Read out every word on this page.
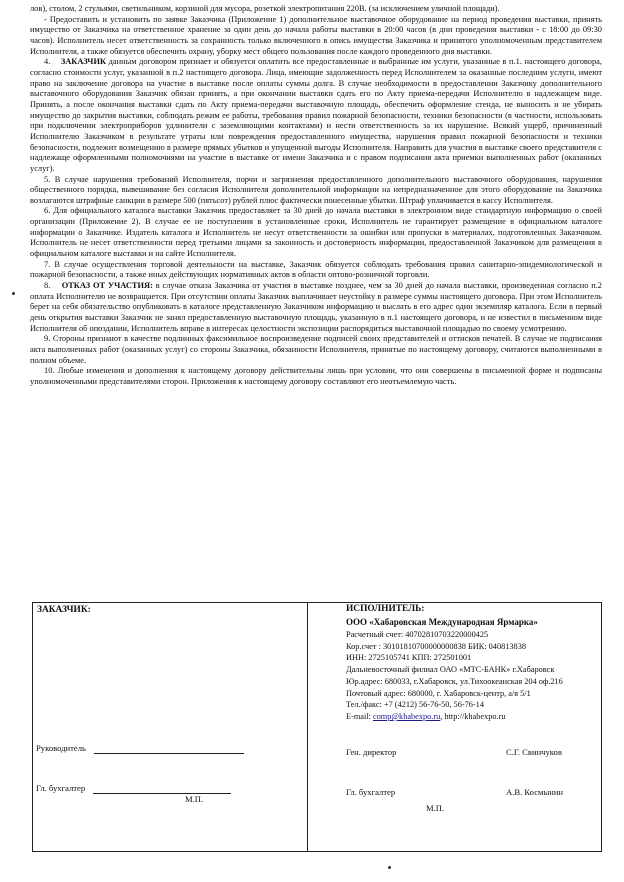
лов), столом, 2 стульями, светильником, корзиной для мусора, розеткой электропитания 220В. (за исключением уличной площади).

- Предоставить и установить по заявке Заказчика (Приложение 1) дополнительное выставочное оборудование на период проведения выставки, принять имущество от Заказчика на ответственное хранение за один день до начала работы выставки в 20:00 часов (в дни проведения выставки - с 18:00 до 09:30 часов). Исполнитель несет ответственность за сохранность только включенного в опись имущества Заказчика и принятого уполномоченным представителем Исполнителя, а также обязуется обеспечить охрану, уборку мест общего пользования после каждого проведенного дня выставки.

4. ЗАКАЗЧИК данным договором признает и обязуется оплатить все предоставленные и выбранные им услуги, указанные в п.1. настоящего договора, согласно стоимости услуг, указанной в п.2 настоящего договора. Лица, имеющие задолженность перед Исполнителем за оказанные последним услуги, имеют право на заключение договора на участие в выставке после оплаты суммы долга. В случае необходимости в предоставлении Заказчику дополнительного выставочного оборудования Заказчик обязан принять, а при окончании выставки сдать его по Акту приема-передачи Исполнителю в надлежащем виде. Принять, а после окончания выставки сдать по Акту приема-передачи выставочную площадь, обеспечить оформление стенда, не выносить и не убирать имущество до закрытия выставки, соблюдать режим ее работы, требования правил пожарной безопасности, техники безопасности (в частности, использовать при подключении электроприборов удлинители с заземляющими контактами) и нести ответственность за их нарушение. Всякий ущерб, причиненный Исполнителю Заказчиком в результате утраты или повреждения предоставленного имущества, нарушения правил пожарной безопасности и техники безопасности, подлежит возмещению в размере прямых убытков и упущенной выгоды Исполнителя. Направить для участия в выставке своего представителя с надлежаще оформленными полномочиями на участие в выставке от имени Заказчика и с правом подписания акта приемки выполненных работ (оказанных услуг).

5. В случае нарушения требований Исполнителя, порчи и загрязнения предоставленного дополнительного выставочного оборудования, нарушения общественного порядка, вывешивание без согласия Исполнителя дополнительной информации на непредназначенное для этого оборудование на Заказчика возлагаются штрафные санкции в размере 500 (пятьсот) рублей плюс фактически понесенные убытки. Штраф уплачивается в кассу Исполнителя.

6. Для официального каталога выставки Заказчик предоставляет за 30 дней до начала выставки в электронном виде стандартную информацию о своей организации (Приложение 2). В случае ее не поступления в установленные сроки, Исполнитель не гарантирует размещение в официальном каталоге информации о Заказчике. Издатель каталога и Исполнитель не несут ответственности за ошибки или пропуски в материалах, подготовленных Заказчиком. Исполнитель не несет ответственности перед третьими лицами за законность и достоверность информации, предоставленной Заказчиком для размещения в официальном каталоге выставки и на сайте Исполнителя.

7. В случае осуществления торговой деятельности на выставке, Заказчик обязуется соблюдать требования правил санитарно-эпидемиологической и пожарной безопасности, а также иных действующих нормативных актов в области оптово-розничной торговли.

8. ОТКАЗ ОТ УЧАСТИЯ: в случае отказа Заказчика от участия в выставке позднее, чем за 30 дней до начала выставки, произведенная согласно п.2 оплата Исполнителю не возвращается. При отсутствии оплаты Заказчик выплачивает неустойку в размере суммы настоящего договора. При этом Исполнитель берет на себя обязательство опубликовать в каталоге представленную Заказчиком информацию и выслать в его адрес один экземпляр каталога. Если в первый день открытия выставки Заказчик не занял предоставленную выставочную площадь, указанную в п.1 настоящего договора, и не известил в письменном виде Исполнителя об опоздании, Исполнитель вправе в интересах целостности экспозиции распорядиться выставочной площадью по своему усмотрению.

9. Стороны признают в качестве подлинных факсимильное воспроизведение подписей своих представителей и оттисков печатей. В случае не подписания акта выполненных работ (оказанных услуг) со стороны Заказчика, обязанности Исполнителя, принятые по настоящему договору, считаются выполненными в полном объеме.

10. Любые изменения и дополнения к настоящему договору действительны лишь при условии, что они совершены в письменной форме и подписаны уполномоченными представителями сторон. Приложения к настоящему договору составляют его неотъемлемую часть.

ЗАКАЗЧИК:
Руководитель
Гл. бухгалтер
М.П.
ИСПОЛНИТЕЛЬ:
ООО «Хабаровская Международная Ярмарка»
Расчетный счет: 40702810703220000425
Кор.счет : 30101810700000000838 БИК: 040813838
ИНН: 2725105741 КПП: 272501001
Дальневосточный филиал ОАО «МТС-БАНК» г.Хабаровск
Юр.адрес: 680033, г.Хабаровск, ул.Тихоокеанская 204 оф.216
Почтовый адрес: 680000, г. Хабаровск-центр, а/я 5/1
Тел./факс: +7 (4212) 56-76-50, 56-76-14
E-mail: comp@khabexpo.ru, http://khabexpo.ru
Ген. директор	С.Г. Свинчуков
Гл. бухгалтер	А.В. Космынин
М.П.
